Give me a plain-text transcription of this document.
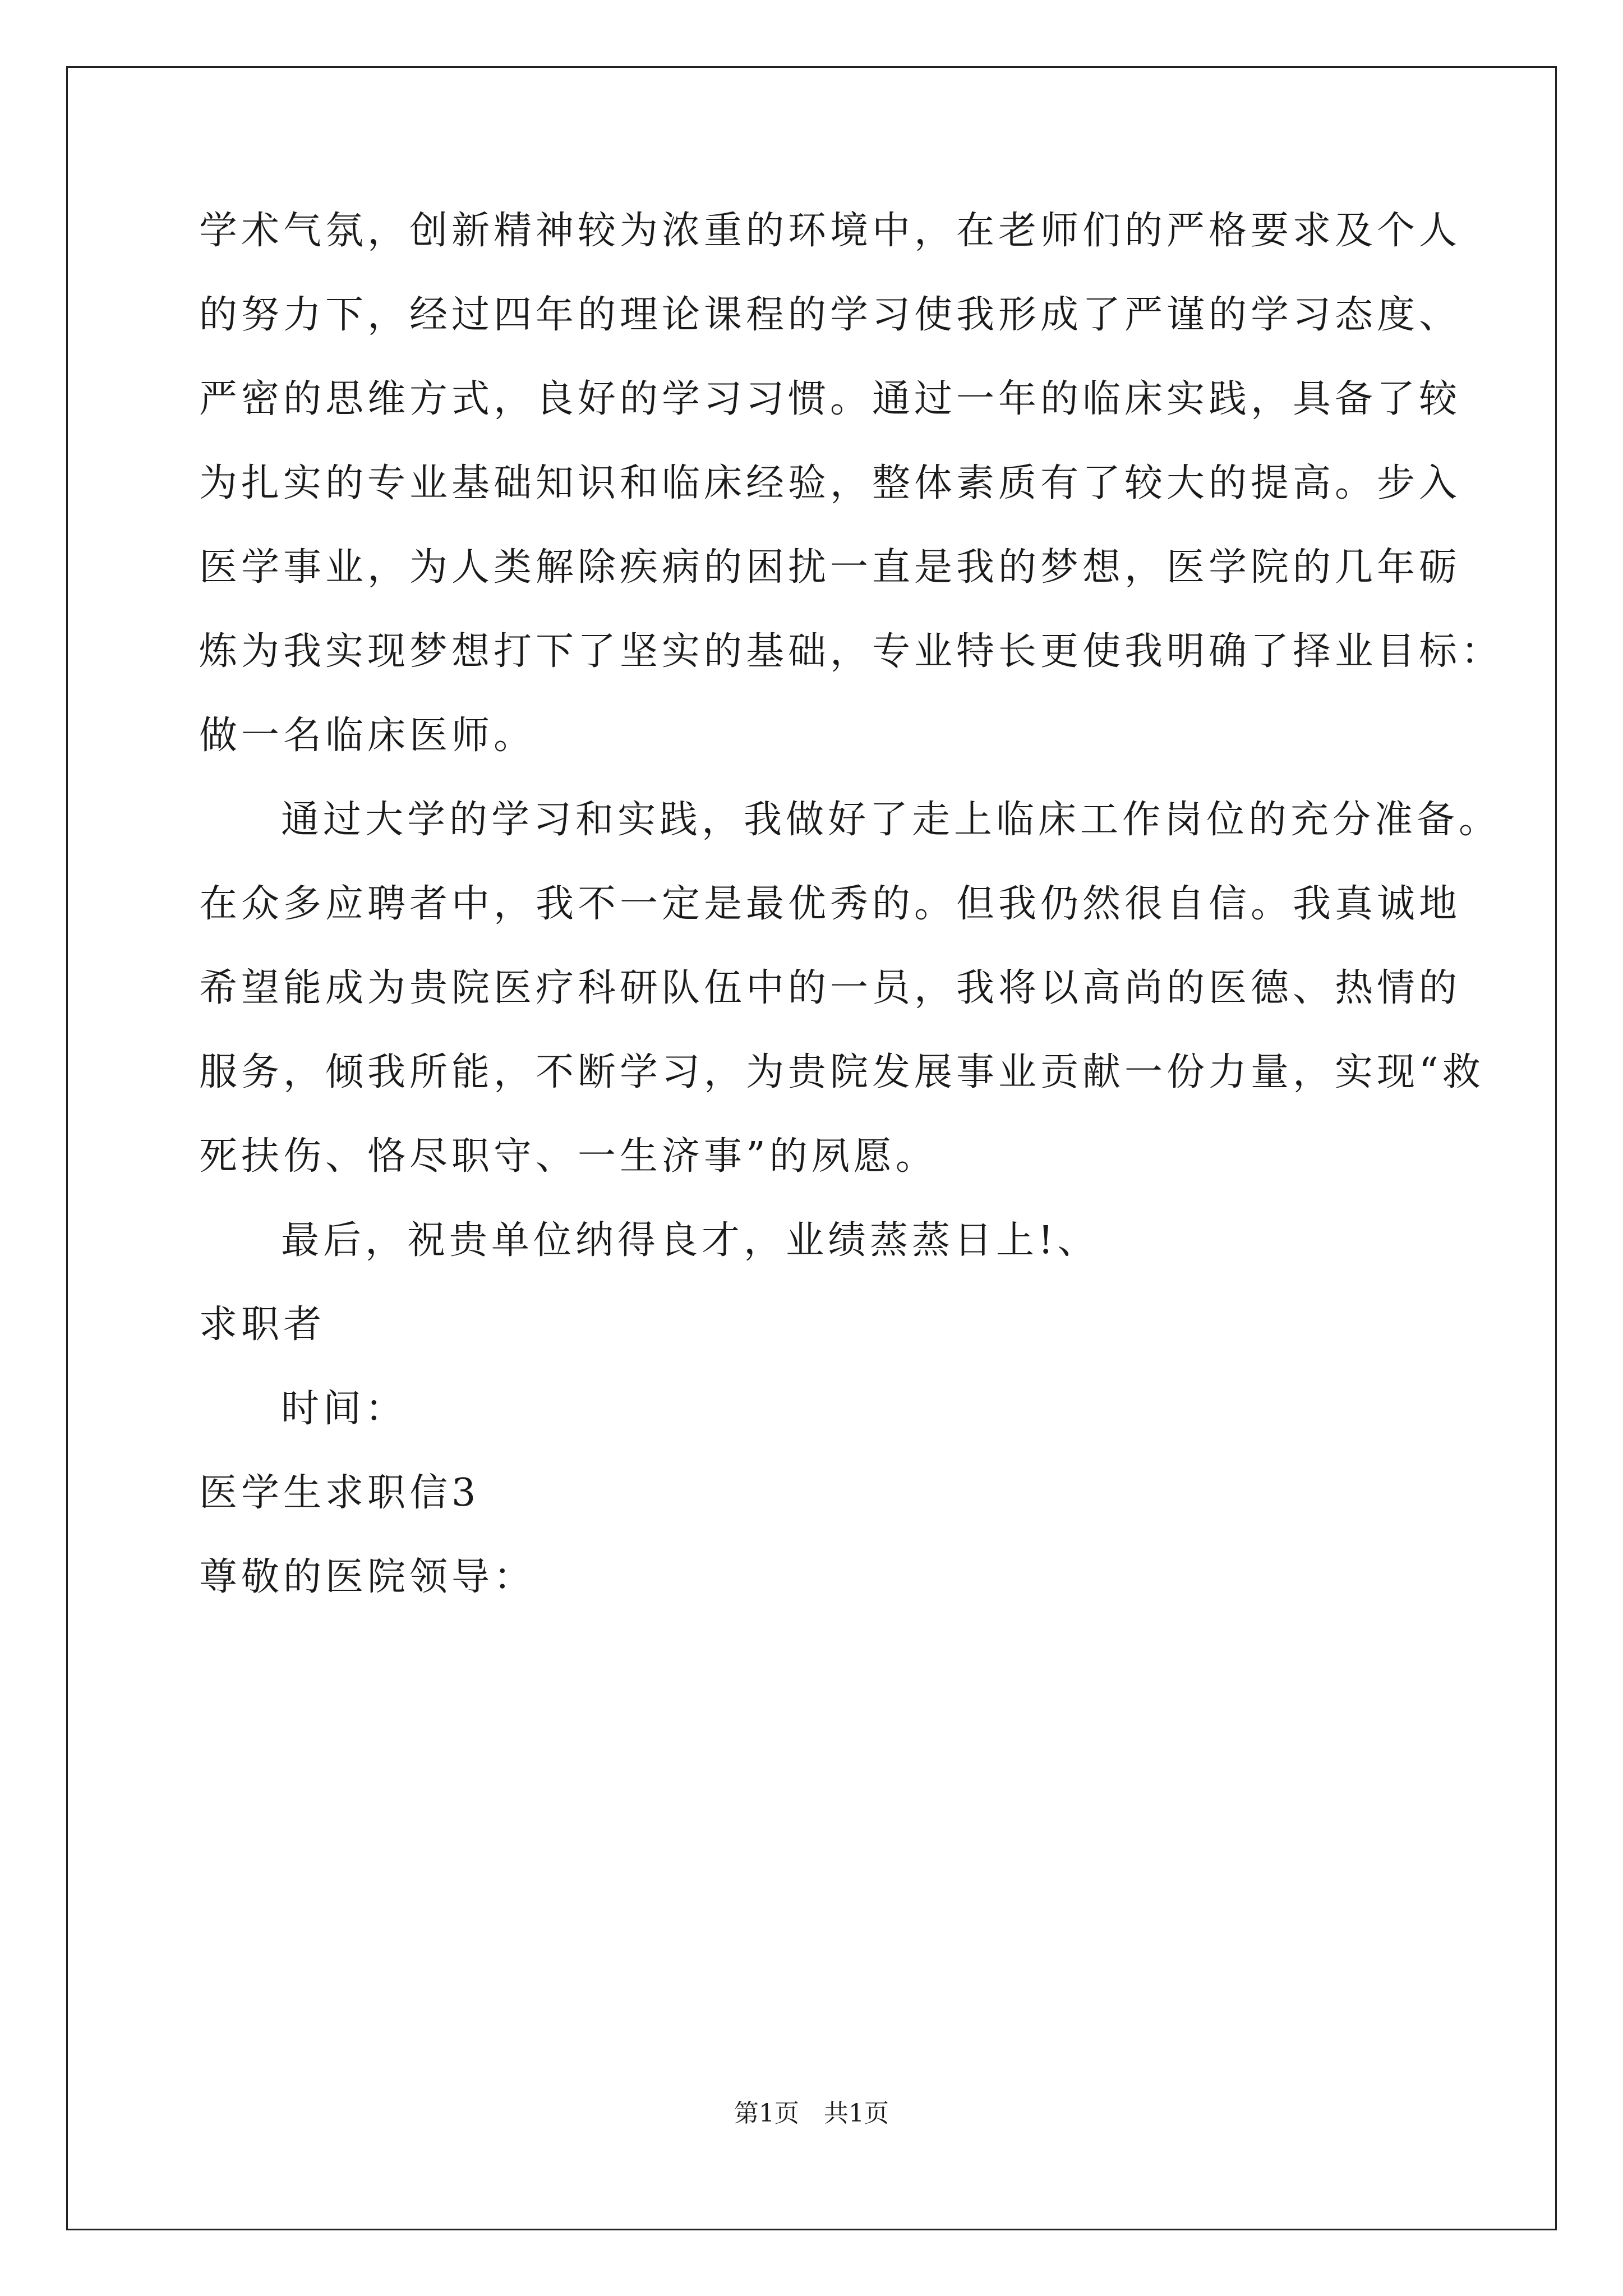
学术气氛，创新精神较为浓重的环境中，在老师们的严格要求及个人
的努力下，经过四年的理论课程的学习使我形成了严谨的学习态度、
严密的思维方式，良好的学习习惯。通过一年的临床实践，具备了较
为扎实的专业基础知识和临床经验，整体素质有了较大的提高。步入
医学事业，为人类解除疾病的困扰一直是我的梦想，医学院的几年砺
炼为我实现梦想打下了坚实的基础，专业特长更使我明确了择业目标：
做一名临床医师。
通过大学的学习和实践，我做好了走上临床工作岗位的充分准备。
在众多应聘者中，我不一定是最优秀的。但我仍然很自信。我真诚地
希望能成为贵院医疗科研队伍中的一员，我将以高尚的医德、热情的
服务，倾我所能，不断学习，为贵院发展事业贡献一份力量，实现“救
死扶伤、恪尽职守、一生济事”的夙愿。
最后，祝贵单位纳得良才，业绩蒸蒸日上!、
求职者
时间：
医学生求职信3
尊敬的医院领导：
第1页　共1页
